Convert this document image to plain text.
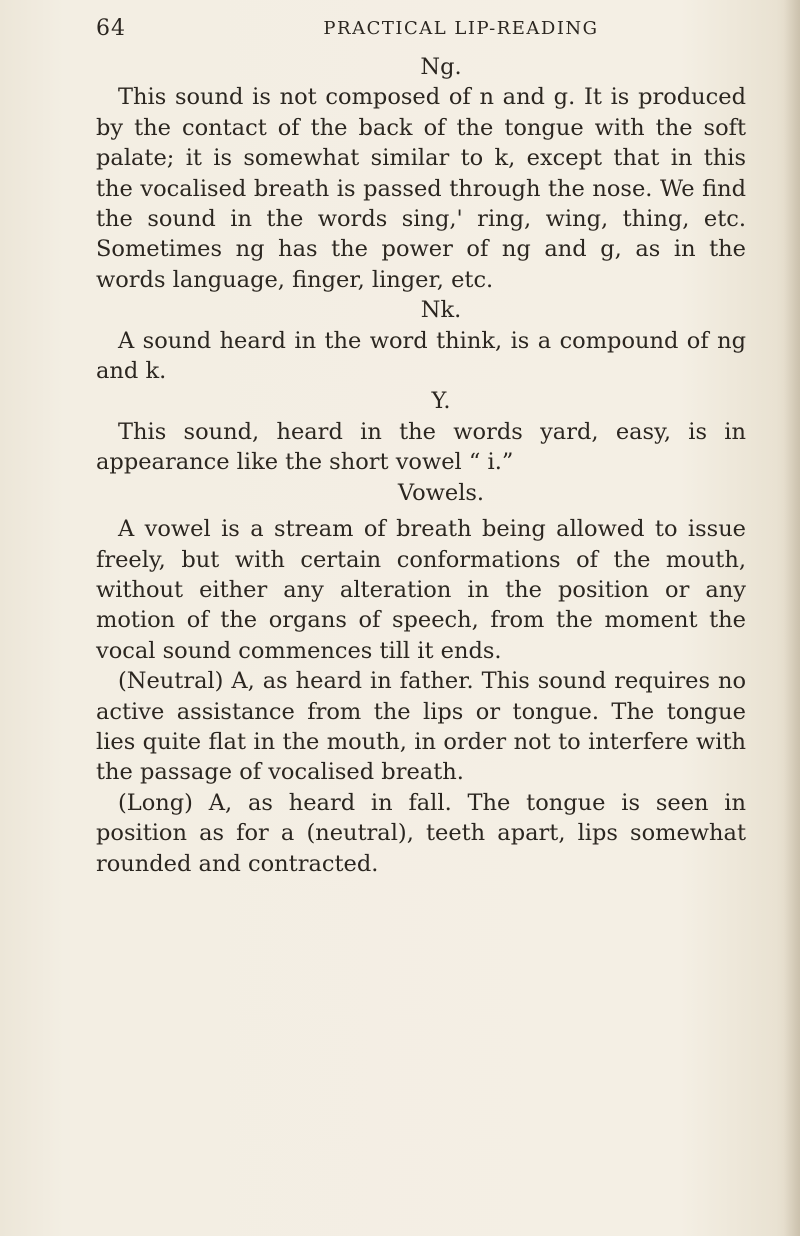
64	PRACTICAL LIP-READING

Ng.

This sound is not composed of n and g. It is produced by the contact of the back of the tongue with the soft palate; it is somewhat similar to k, except that in this the vocalised breath is passed through the nose. We find the sound in the words sing,' ring, wing, thing, etc. Sometimes ng has the power of ng and g, as in the words language, finger, linger, etc.

Nk.

A sound heard in the word think, is a compound of ng and k.

Y.

This sound, heard in the words yard, easy, is in appearance like the short vowel “ i.”

Vowels.

A vowel is a stream of breath being allowed to issue freely, but with certain conformations of the mouth, without either any alteration in the position or any motion of the organs of speech, from the moment the vocal sound commences till it ends.

(Neutral) A, as heard in father. This sound requires no active assistance from the lips or tongue. The tongue lies quite flat in the mouth, in order not to interfere with the passage of vocalised breath.

(Long) A, as heard in fall. The tongue is seen in position as for a (neutral), teeth apart, lips somewhat rounded and contracted.
